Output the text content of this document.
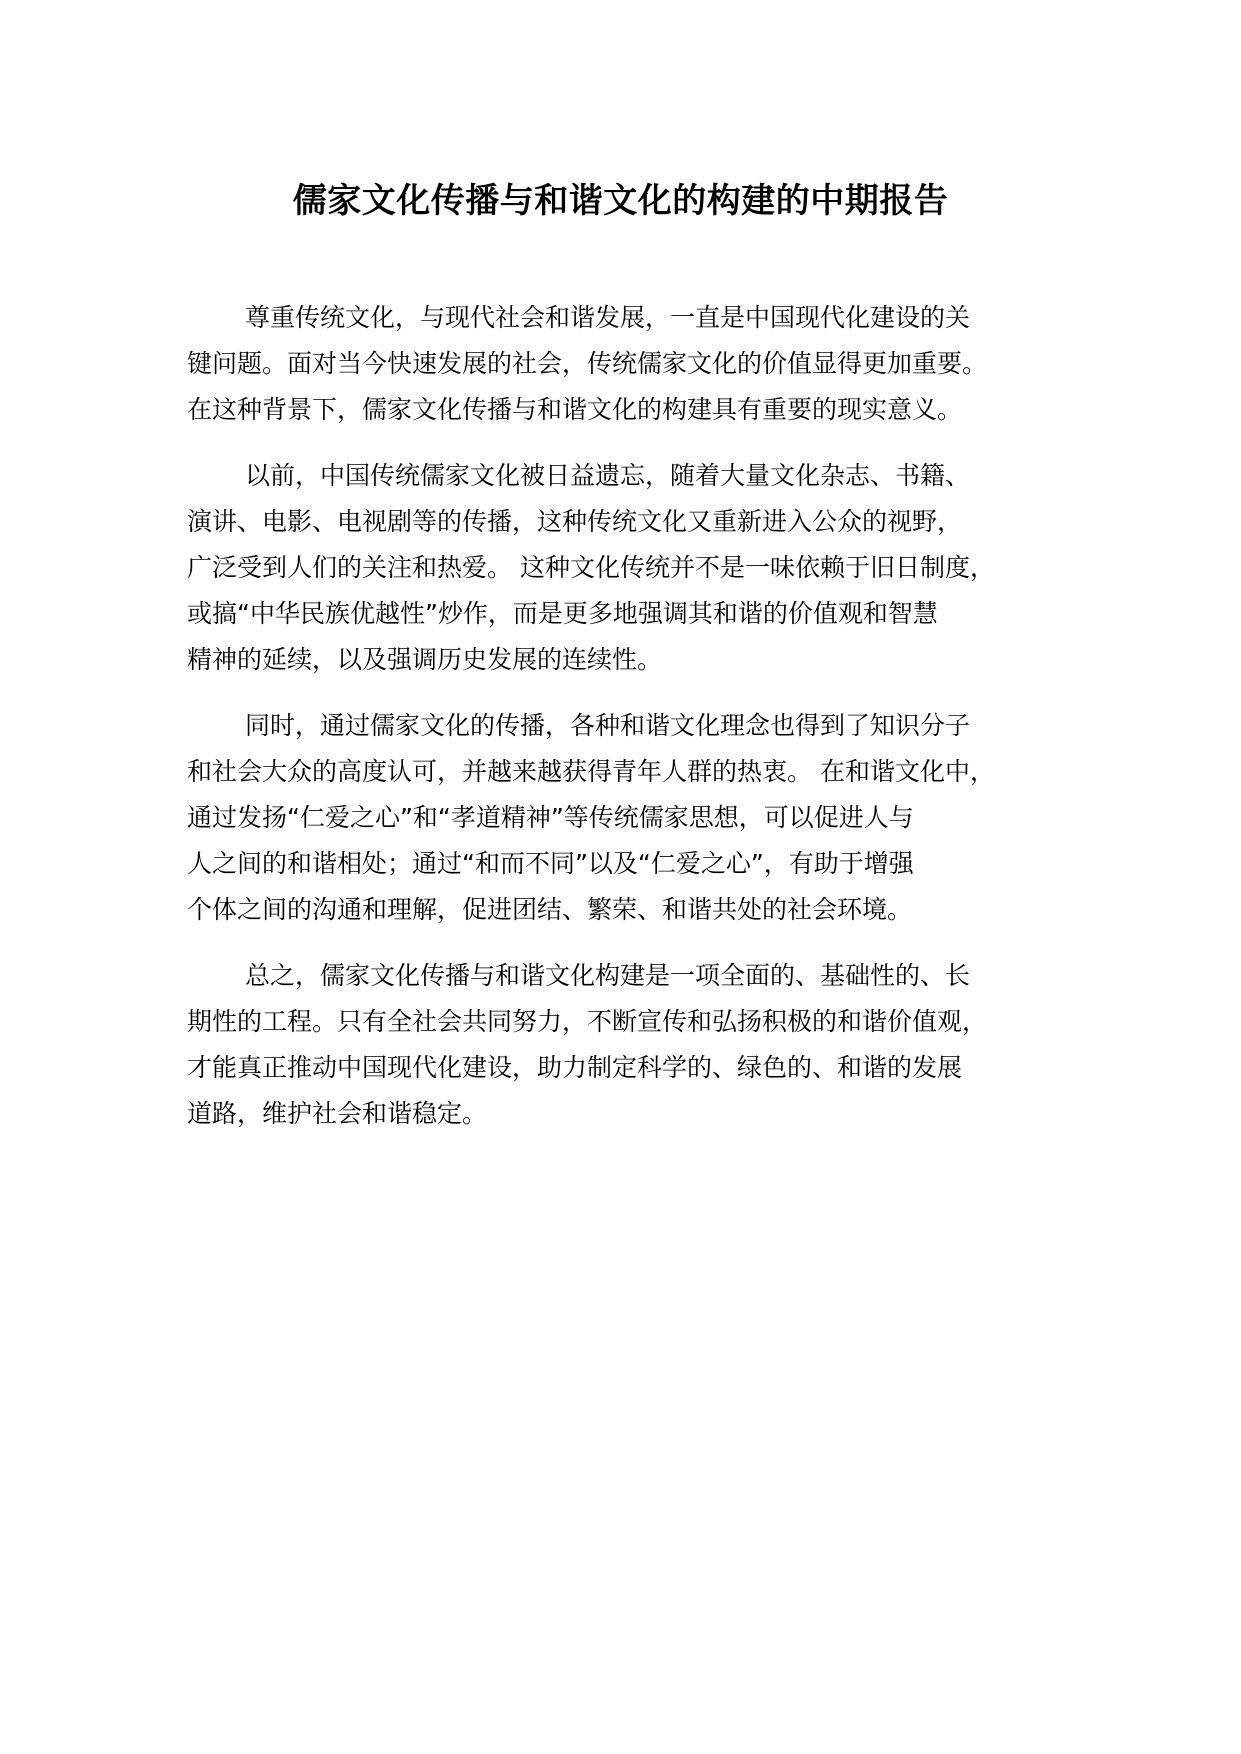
儒家文化传播与和谐文化的构建的中期报告

尊重传统文化，与现代社会和谐发展，一直是中国现代化建设的关
键问题。面对当今快速发展的社会，传统儒家文化的价值显得更加重要。
在这种背景下，儒家文化传播与和谐文化的构建具有重要的现实意义。

以前，中国传统儒家文化被日益遗忘，随着大量文化杂志、书籍、
演讲、电影、电视剧等的传播，这种传统文化又重新进入公众的视野，
广泛受到人们的关注和热爱。 这种文化传统并不是一味依赖于旧日制度，
或搞“中华民族优越性”炒作，而是更多地强调其和谐的价值观和智慧
精神的延续，以及强调历史发展的连续性。

同时，通过儒家文化的传播，各种和谐文化理念也得到了知识分子
和社会大众的高度认可，并越来越获得青年人群的热衷。 在和谐文化中，
通过发扬“仁爱之心”和“孝道精神”等传统儒家思想，可以促进人与
人之间的和谐相处；通过“和而不同”以及“仁爱之心”，有助于增强
个体之间的沟通和理解，促进团结、繁荣、和谐共处的社会环境。

总之，儒家文化传播与和谐文化构建是一项全面的、基础性的、长
期性的工程。只有全社会共同努力，不断宣传和弘扬积极的和谐价值观，
才能真正推动中国现代化建设，助力制定科学的、绿色的、和谐的发展
道路，维护社会和谐稳定。
